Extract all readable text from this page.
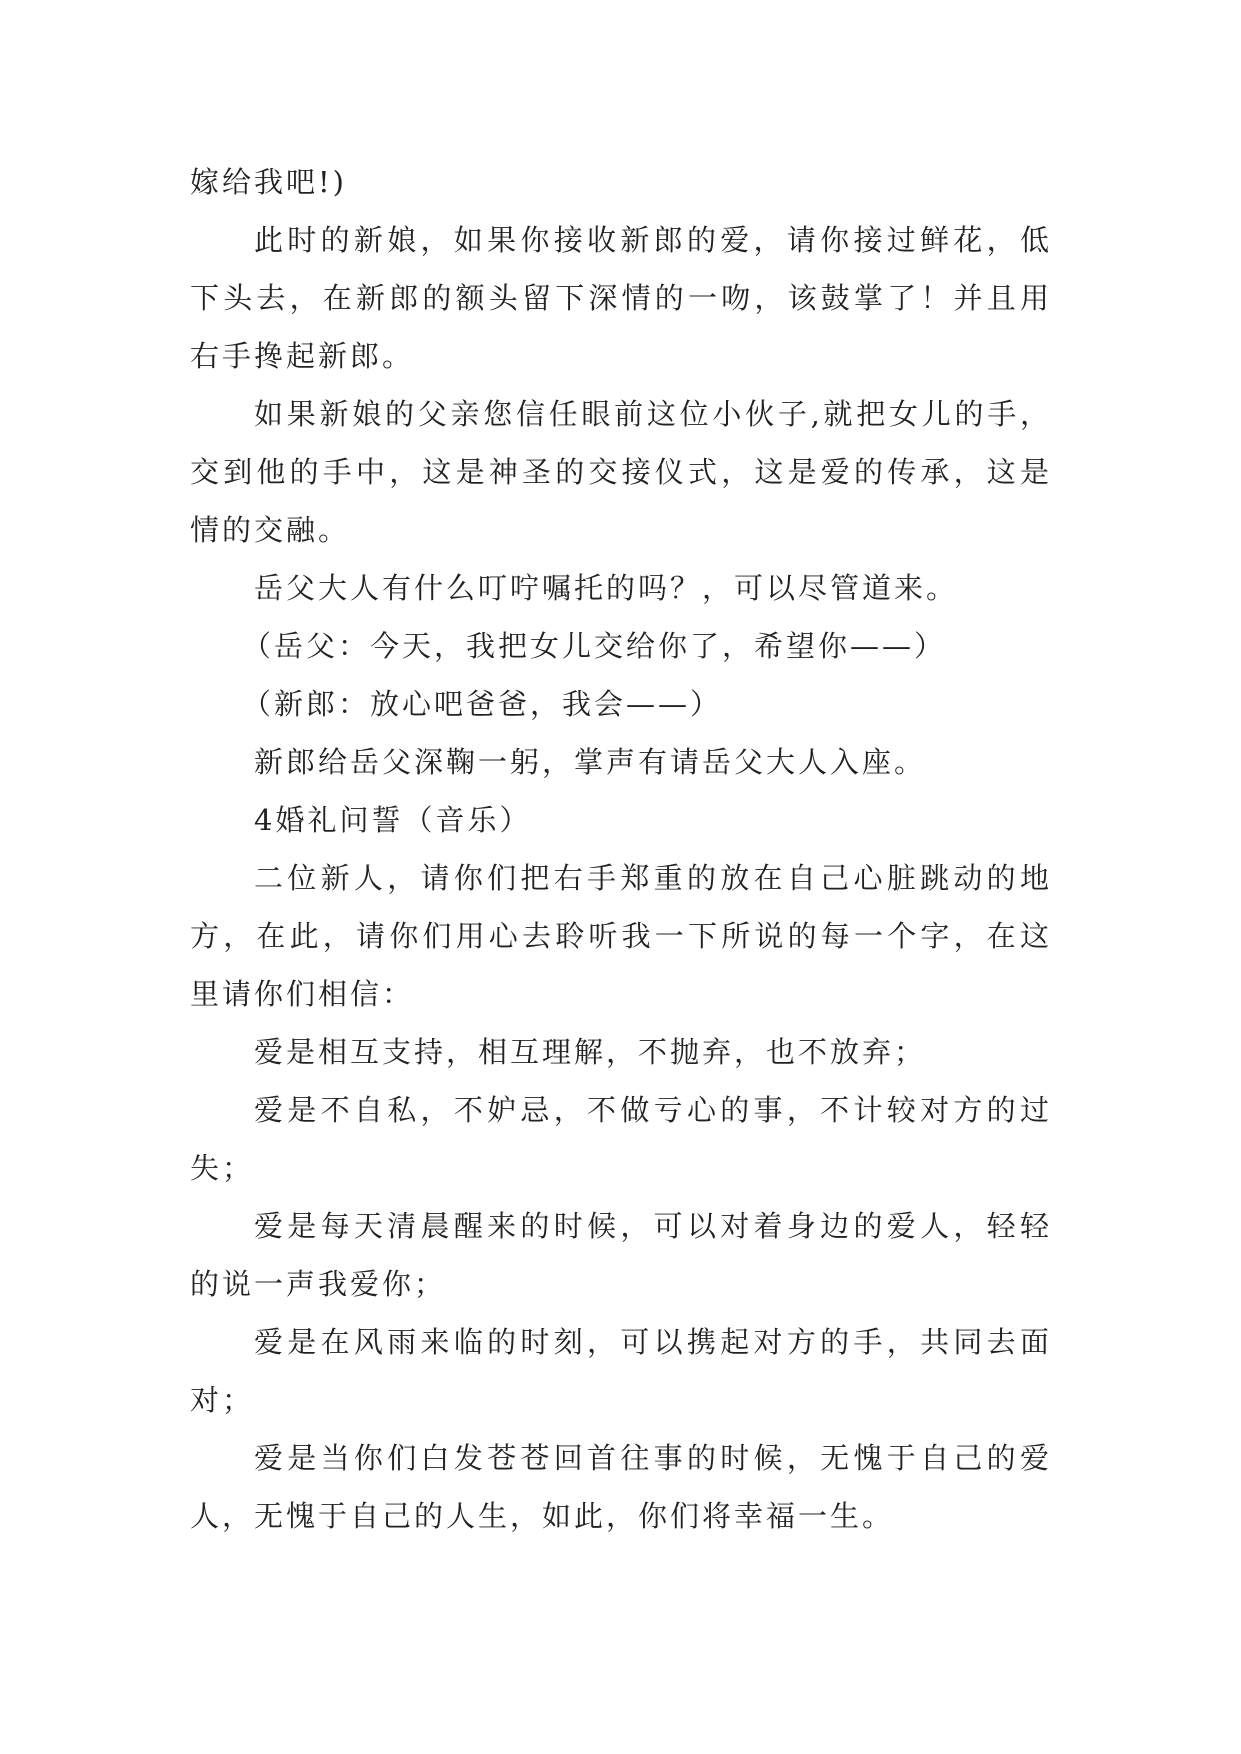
嫁给我吧!)

此时的新娘，如果你接收新郎的爱，请你接过鲜花，低下头去，在新郎的额头留下深情的一吻，该鼓掌了！并且用右手搀起新郎。

如果新娘的父亲您信任眼前这位小伙子,就把女儿的手，交到他的手中，这是神圣的交接仪式，这是爱的传承，这是情的交融。

岳父大人有什么叮咛嘱托的吗？，可以尽管道来。

（岳父：今天，我把女儿交给你了，希望你——）

（新郎：放心吧爸爸，我会——）

新郎给岳父深鞠一躬，掌声有请岳父大人入座。

4婚礼问誓（音乐）

二位新人，请你们把右手郑重的放在自己心脏跳动的地方，在此，请你们用心去聆听我一下所说的每一个字，在这里请你们相信：

爱是相互支持，相互理解，不抛弃，也不放弃；

爱是不自私，不妒忌，不做亏心的事，不计较对方的过失；

爱是每天清晨醒来的时候，可以对着身边的爱人，轻轻的说一声我爱你；

爱是在风雨来临的时刻，可以携起对方的手，共同去面对；

爱是当你们白发苍苍回首往事的时候，无愧于自己的爱人，无愧于自己的人生，如此，你们将幸福一生。
